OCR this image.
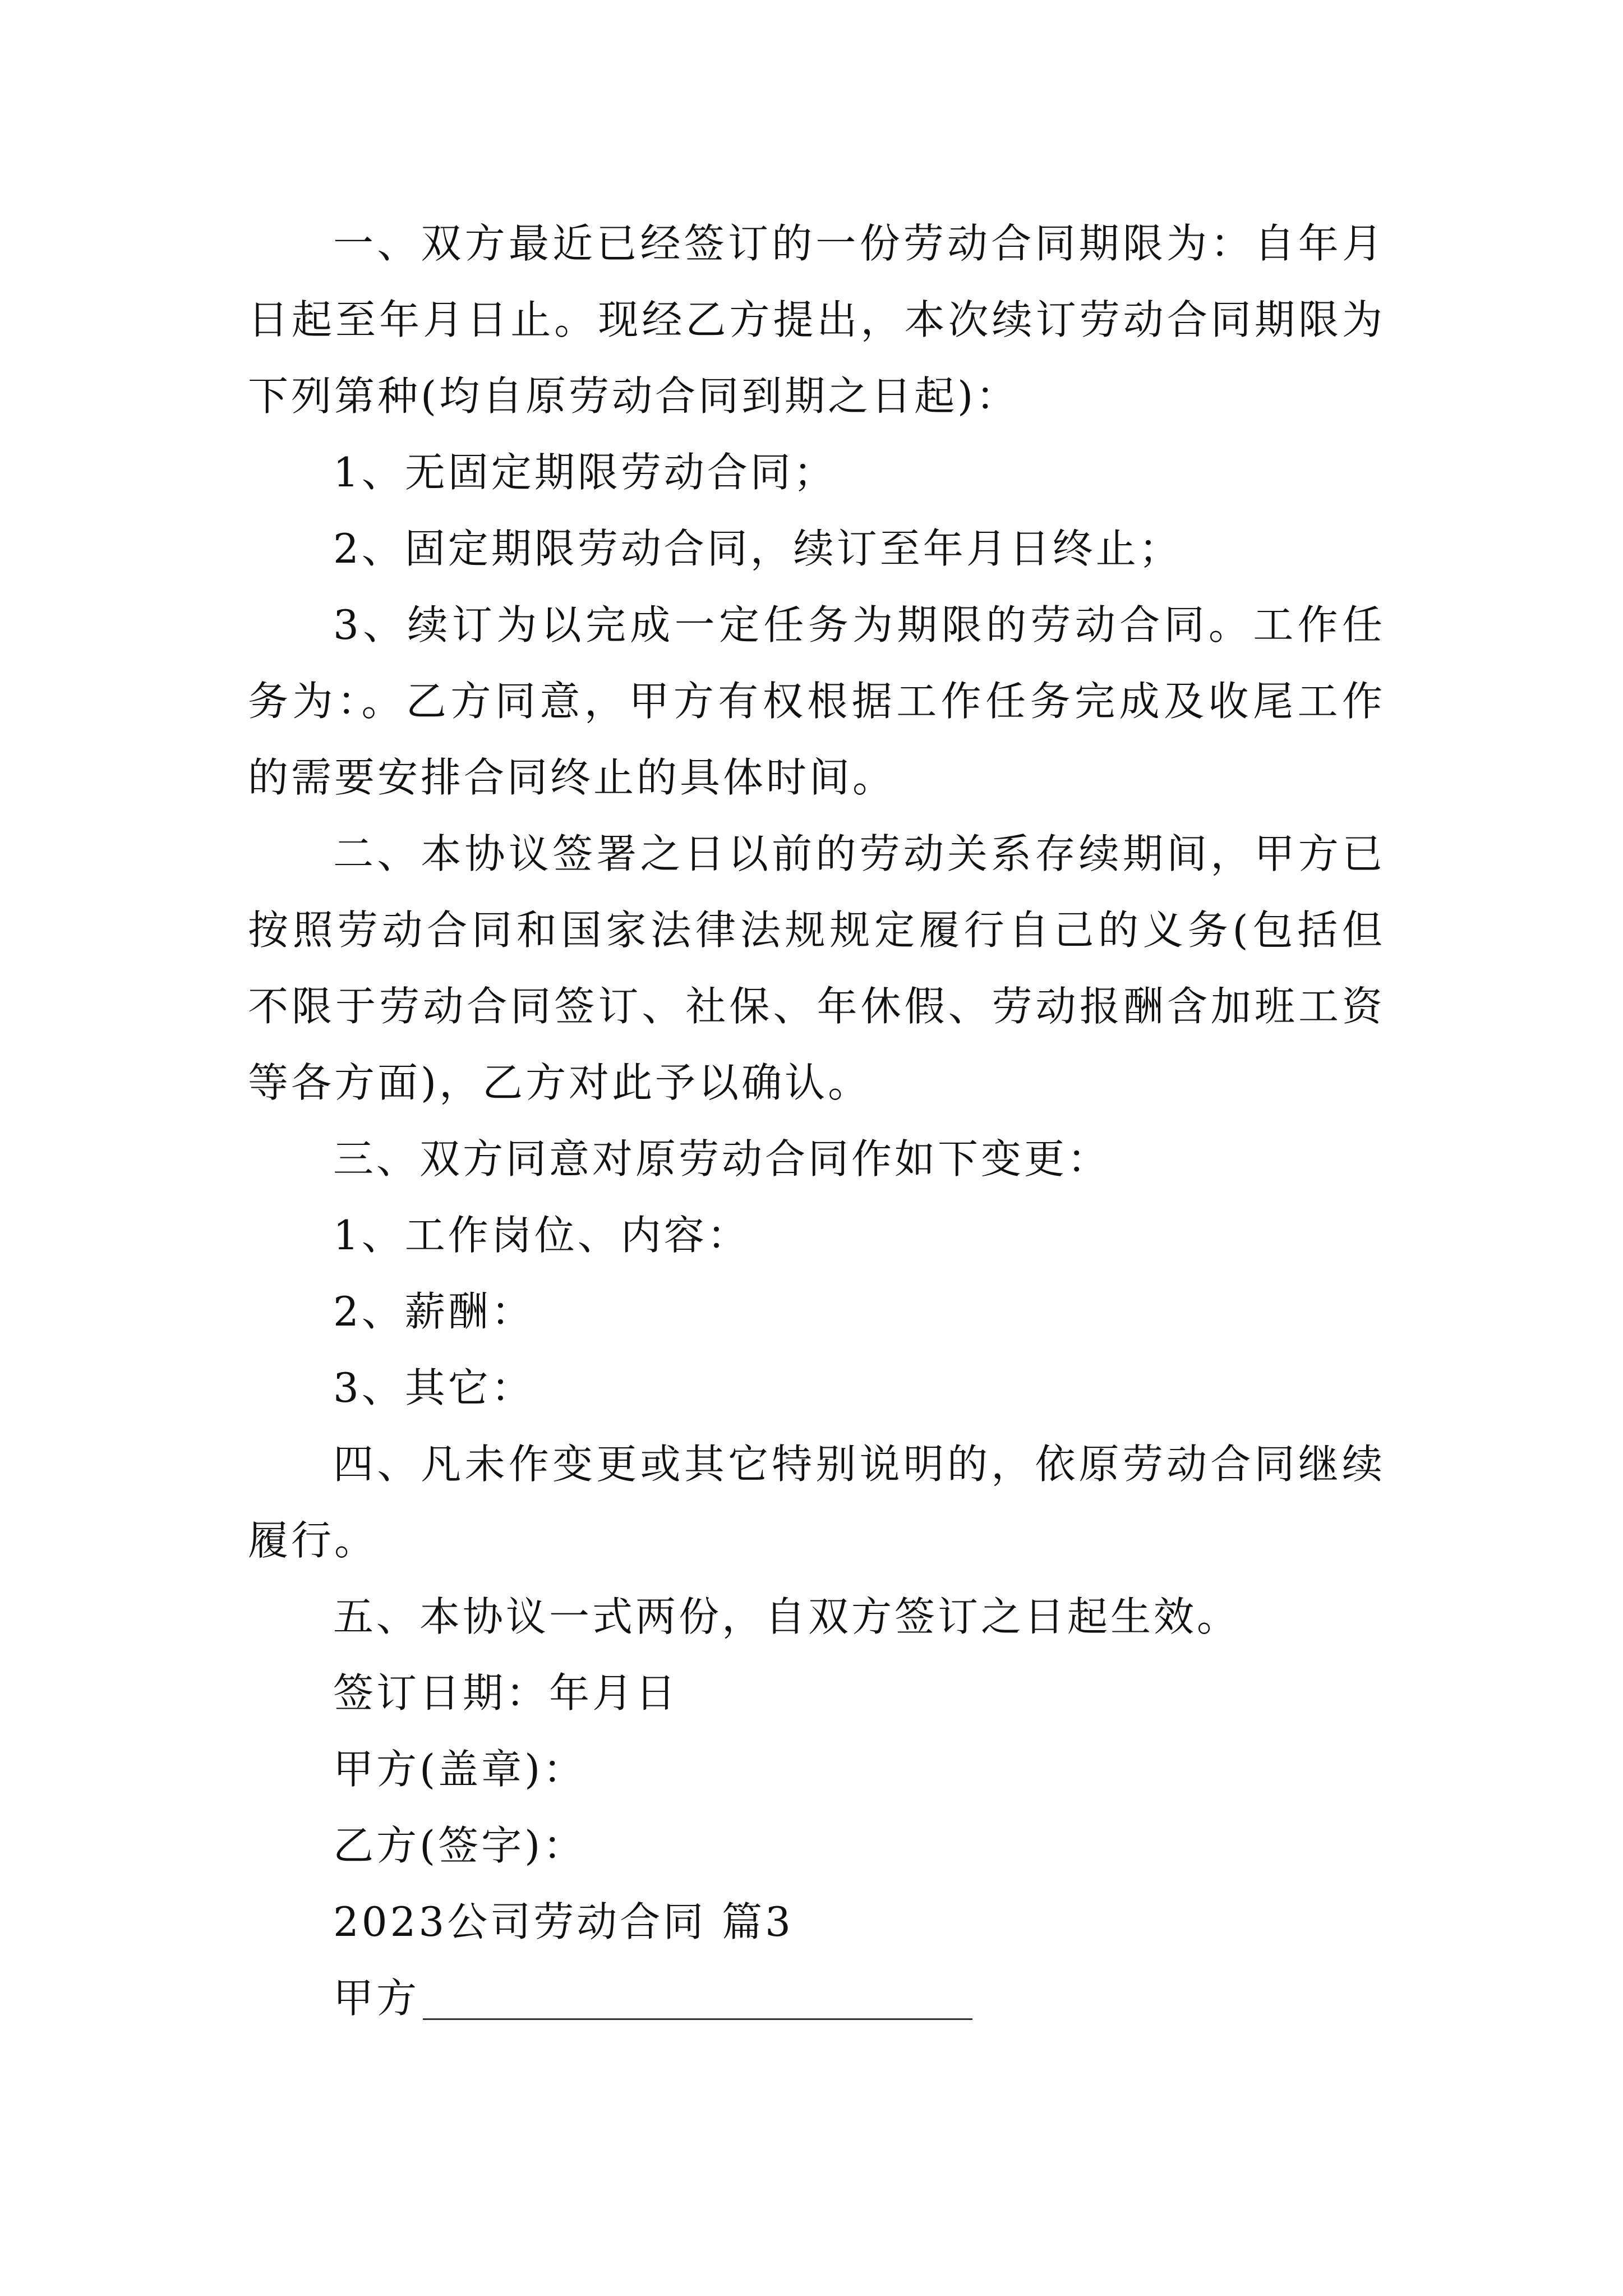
一、双方最近已经签订的一份劳动合同期限为：自年月日起至年月日止。现经乙方提出，本次续订劳动合同期限为下列第种(均自原劳动合同到期之日起)：

1、无固定期限劳动合同；

2、固定期限劳动合同，续订至年月日终止；

3、续订为以完成一定任务为期限的劳动合同。工作任务为：。乙方同意，甲方有权根据工作任务完成及收尾工作的需要安排合同终止的具体时间。

二、本协议签署之日以前的劳动关系存续期间，甲方已按照劳动合同和国家法律法规规定履行自己的义务(包括但不限于劳动合同签订、社保、年休假、劳动报酬含加班工资等各方面)，乙方对此予以确认。

三、双方同意对原劳动合同作如下变更：

1、工作岗位、内容：

2、薪酬：

3、其它：

四、凡未作变更或其它特别说明的，依原劳动合同继续履行。

五、本协议一式两份，自双方签订之日起生效。

签订日期：年月日

甲方(盖章)：

乙方(签字)：

2023公司劳动合同 篇3

甲方
